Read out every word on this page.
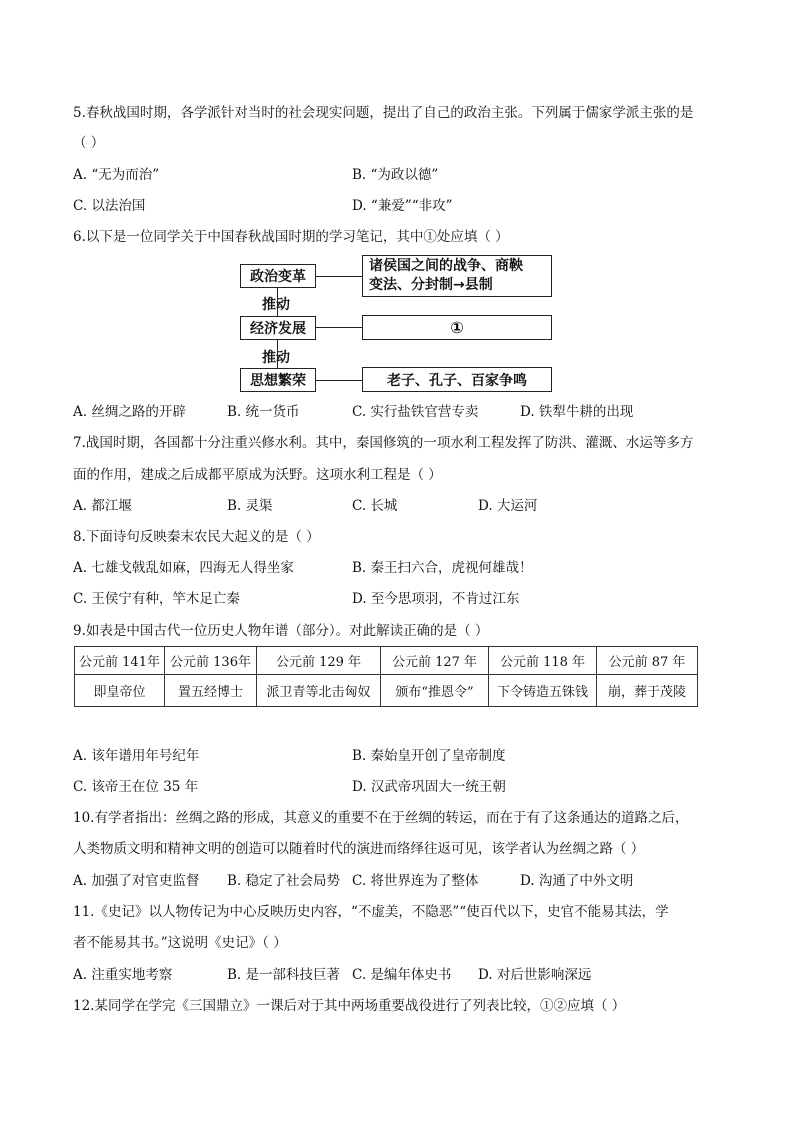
5.春秋战国时期，各学派针对当时的社会现实问题，提出了自己的政治主张。下列属于儒家学派主张的是
（ ）
A. “无为而治”	B. “为政以德”
C. 以法治国	D. “兼爱”“非攻”
6.以下是一位同学关于中国春秋战国时期的学习笔记，其中①处应填（ ）
政治变革
经济发展
思想繁荣
推动
推动
诸侯国之间的战争、商鞅
变法、分封制→县制
①
老子、孔子、百家争鸣
A. 丝绸之路的开辟	B. 统一货币	C. 实行盐铁官营专卖	D. 铁犁牛耕的出现
7.战国时期，各国都十分注重兴修水利。其中，秦国修筑的一项水利工程发挥了防洪、灌溉、水运等多方
面的作用，建成之后成都平原成为沃野。这项水利工程是（ ）
A. 都江堰	B. 灵渠	C. 长城	D. 大运河
8.下面诗句反映秦末农民大起义的是（ ）
A. 七雄戈戟乱如麻，四海无人得坐家	B. 秦王扫六合，虎视何雄哉！
C. 王侯宁有种，竿木足亡秦	D. 至今思项羽，不肯过江东
9.如表是中国古代一位历史人物年谱（部分）。对此解读正确的是（ ）
公元前 141年	公元前 136年	公元前 129 年	公元前 127 年	公元前 118 年	公元前 87 年
即皇帝位	置五经博士	派卫青等北击匈奴	颁布“推恩令”	下令铸造五铢钱	崩，葬于茂陵
A. 该年谱用年号纪年	B. 秦始皇开创了皇帝制度
C. 该帝王在位 35 年	D. 汉武帝巩固大一统王朝
10.有学者指出：丝绸之路的形成，其意义的重要不在于丝绸的转运，而在于有了这条通达的道路之后，
人类物质文明和精神文明的创造可以随着时代的演进而络绎往返可见，该学者认为丝绸之路（ ）
A. 加强了对官吏监督 B. 稳定了社会局势 C. 将世界连为了整体	D. 沟通了中外文明
11.《史记》以人物传记为中心反映历史内容，“不虚美，不隐恶”“使百代以下，史官不能易其法，学
者不能易其书。”这说明《史记》（ ）
A. 注重实地考察	B. 是一部科技巨著 C. 是编年体史书 D. 对后世影响深远
12.某同学在学完《三国鼎立》一课后对于其中两场重要战役进行了列表比较，①②应填（ ）
